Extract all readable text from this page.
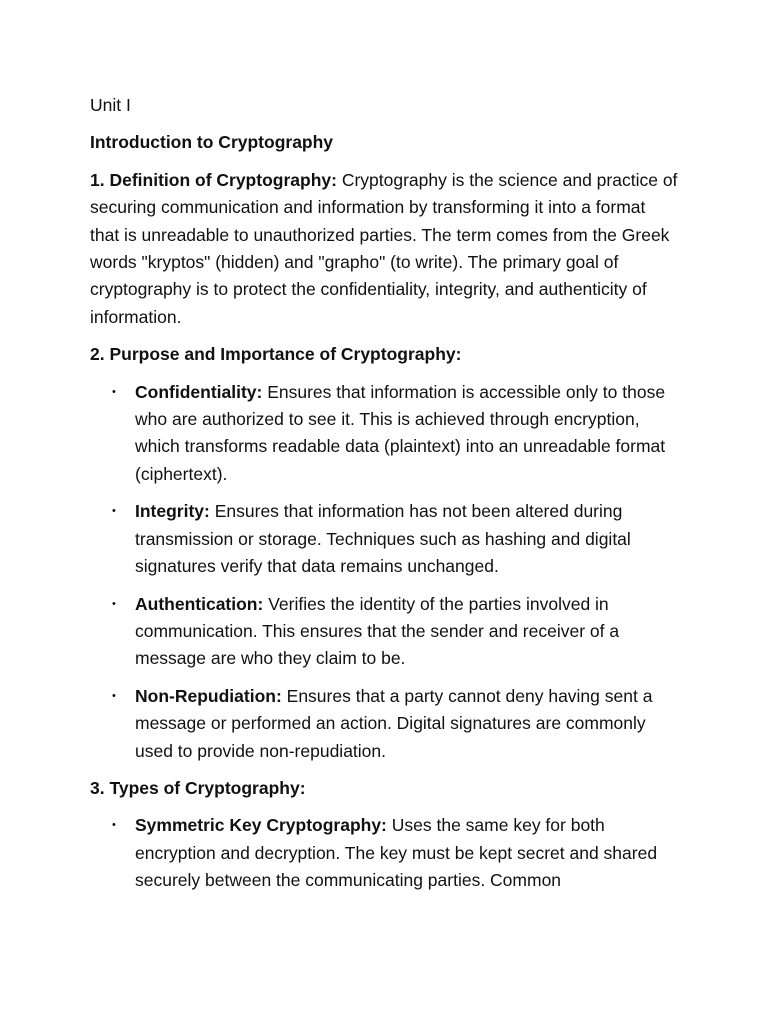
Unit I

Introduction to Cryptography

1. Definition of Cryptography: Cryptography is the science and practice of securing communication and information by transforming it into a format that is unreadable to unauthorized parties. The term comes from the Greek words "kryptos" (hidden) and "grapho" (to write). The primary goal of cryptography is to protect the confidentiality, integrity, and authenticity of information.

2. Purpose and Importance of Cryptography:

• Confidentiality: Ensures that information is accessible only to those who are authorized to see it. This is achieved through encryption, which transforms readable data (plaintext) into an unreadable format (ciphertext).
• Integrity: Ensures that information has not been altered during transmission or storage. Techniques such as hashing and digital signatures verify that data remains unchanged.
• Authentication: Verifies the identity of the parties involved in communication. This ensures that the sender and receiver of a message are who they claim to be.
• Non-Repudiation: Ensures that a party cannot deny having sent a message or performed an action. Digital signatures are commonly used to provide non-repudiation.

3. Types of Cryptography:

• Symmetric Key Cryptography: Uses the same key for both encryption and decryption. The key must be kept secret and shared securely between the communicating parties. Common
